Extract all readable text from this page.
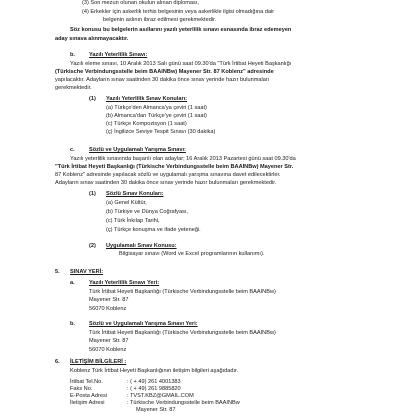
(3) Son mezun olunan okulun alınan diploması,
(4) Erkekler için askerlik terhis belgesinin veya askerlikle ilgisi olmadığına dair
belgenin aslının ibraz edilmesi gerekmektedir.
Söz konusu bu belgelerin asıllarını yazılı yeterlilik sınavı esnasında ibraz edemeyen
aday sınava alınmayacaktır.
b.	Yazılı Yeterlilik Sınavı:
Yazılı eleme sınavı, 10 Aralık 2013 Salı günü saat 09.30'da "Türk İrtibat Heyeti Başkanlığı
(Türkische Verbindungsstelle beim BAAINBw) Mayener Str. 87 Koblenz" adresinde
yapılacaktır. Adayların sınav saatinden 30 dakika önce sınav yerinde hazır bulunmaları
gerekmektedir.
(1) Yazılı Yeterlilik Sınav Konuları:
(a) Türkçe'den Almanca'ya çeviri (1 saat)
(b) Almanca'dan Türkçe'ye çeviri (1 saat)
(c) Türkçe Kompozisyon (1 saat)
(ç) İngilizce Seviye Tespit Sınavı (30 dakika)
c.	Sözlü ve Uygulamalı Yarışma Sınavı:
Yazılı yeterlilik sınavında başarılı olan adaylar; 16 Aralık 2013 Pazartesi günü saat 09.30'da
"Türk İrtibat Heyeti Başkanlığı (Türkische Verbindungsstelle beim BAAINBw) Mayener Str.
87 Koblenz" adresinde yapılacak sözlü ve uygulamalı yarışma sınavına davet edilecektirler.
Adayların sınav saatinden 30 dakika önce sınav yerinde hazır bulunmaları gerekmektedir.
(1) Sözlü Sınav Konuları:
(a) Genel Kültür,
(b) Türkiye ve Dünya Coğrafyası,
(c) Türk İnkılap Tarihi,
(ç) Türkçe konuşma ve ifade yeteneği.
(2) Uygulamalı Sınav Konusu:
Bilgisayar sınavı (Word ve Excel programlarının kullanımı).
5. SINAV YERİ:
a.	Yazılı Yeterlilik Sınavı Yeri:
Türk İrtibat Heyeti Başkanlığı (Türkische Verbindungsstelle beim BAAINBw)
Mayener Str. 87
56070 Koblenz
b.	Sözlü ve Uygulamalı Yarışma Sınavı Yeri:
Türk İrtibat Heyeti Başkanlığı (Türkische Verbindungsstelle beim BAAINBw)
Mayener Str. 87
56070 Koblenz
6. İLETİŞİM BİLGİLERİ :
Koblenz Türk İrtibat Heyeti Başkanlığının iletişim bilgileri aşağıdadır.
İrtibat Tel.No.	: ( + 49) 261 4001383
Faks No.	: ( + 49) 261 9885820
E-Posta Adresi	: TVST.KBZ@GMAIL.COM
İletişim Adresi	: Türkische Verbindungsstelle beim BAAINBw
Mayener Str. 87
